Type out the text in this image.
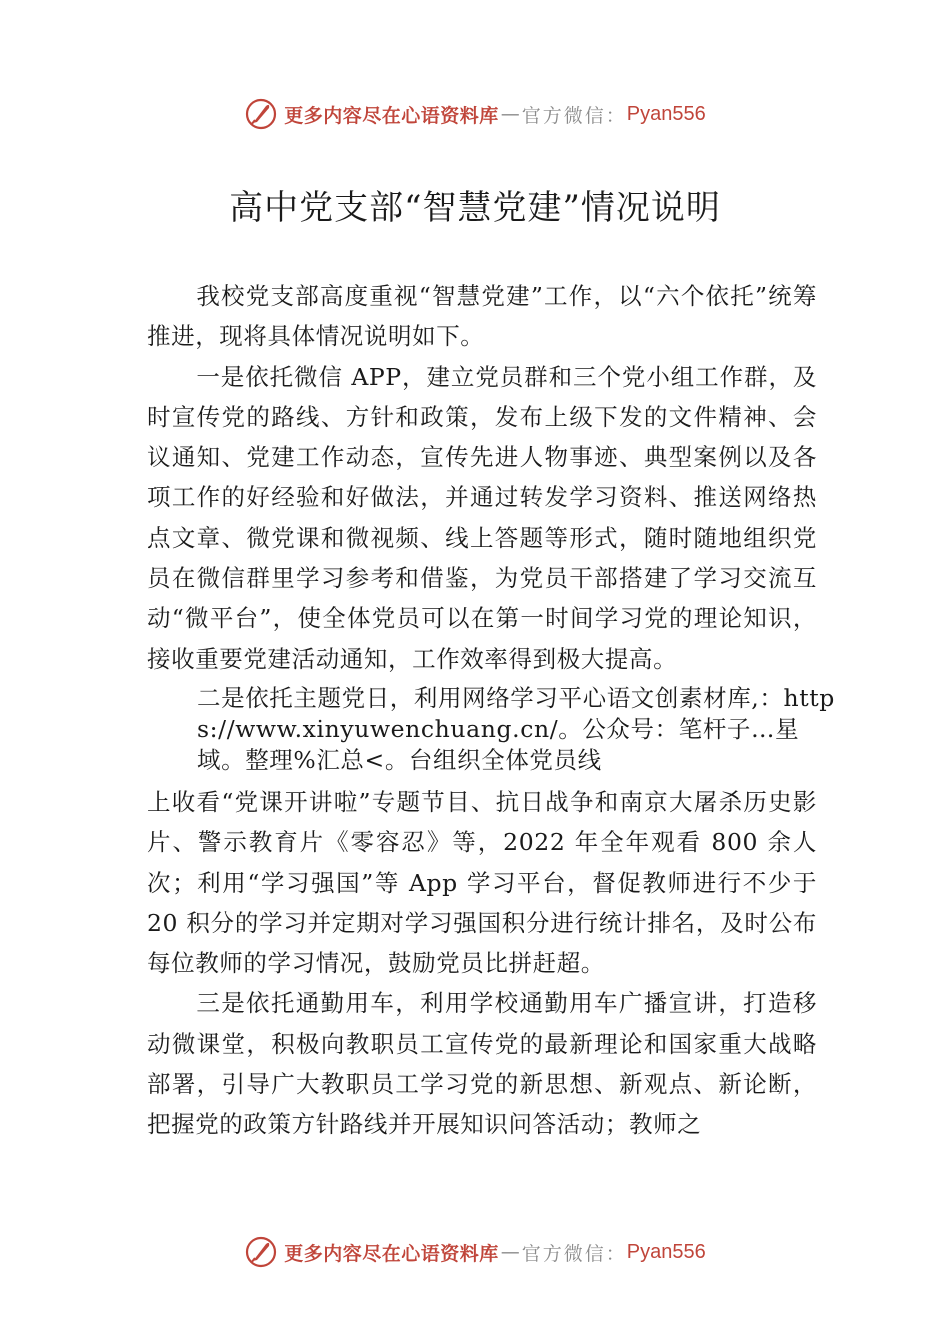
更多内容尽在心语资料库 — 官方微信： Pyan556
高中党支部“智慧党建”情况说明

我校党支部高度重视“智慧党建”工作，以“六个依托”统筹推进，现将具体情况说明如下。

一是依托微信 APP，建立党员群和三个党小组工作群，及时宣传党的路线、方针和政策，发布上级下发的文件精神、会议通知、党建工作动态，宣传先进人物事迹、典型案例以及各项工作的好经验和好做法，并通过转发学习资料、推送网络热点文章、微党课和微视频、线上答题等形式，随时随地组织党员在微信群里学习参考和借鉴，为党员干部搭建了学习交流互动“微平台”，使全体党员可以在第一时间学习党的理论知识，接收重要党建活动通知，工作效率得到极大提高。

二是依托主题党日，利用网络学习平心语文创素材库,：https://www.xinyuwenchuang.cn/。公众号：笔杆子…星域。整理%汇总<。台组织全体党员线

上收看“党课开讲啦”专题节目、抗日战争和南京大屠杀历史影片、警示教育片《零容忍》等，2022 年全年观看 800 余人次；利用“学习强国”等 App 学习平台，督促教师进行不少于 20 积分的学习并定期对学习强国积分进行统计排名，及时公布每位教师的学习情况，鼓励党员比拼赶超。

三是依托通勤用车，利用学校通勤用车广播宣讲，打造移动微课堂，积极向教职员工宣传党的最新理论和国家重大战略部署，引导广大教职员工学习党的新思想、新观点、新论断，把握党的政策方针路线并开展知识问答活动；教师之

更多内容尽在心语资料库 — 官方微信： Pyan556
